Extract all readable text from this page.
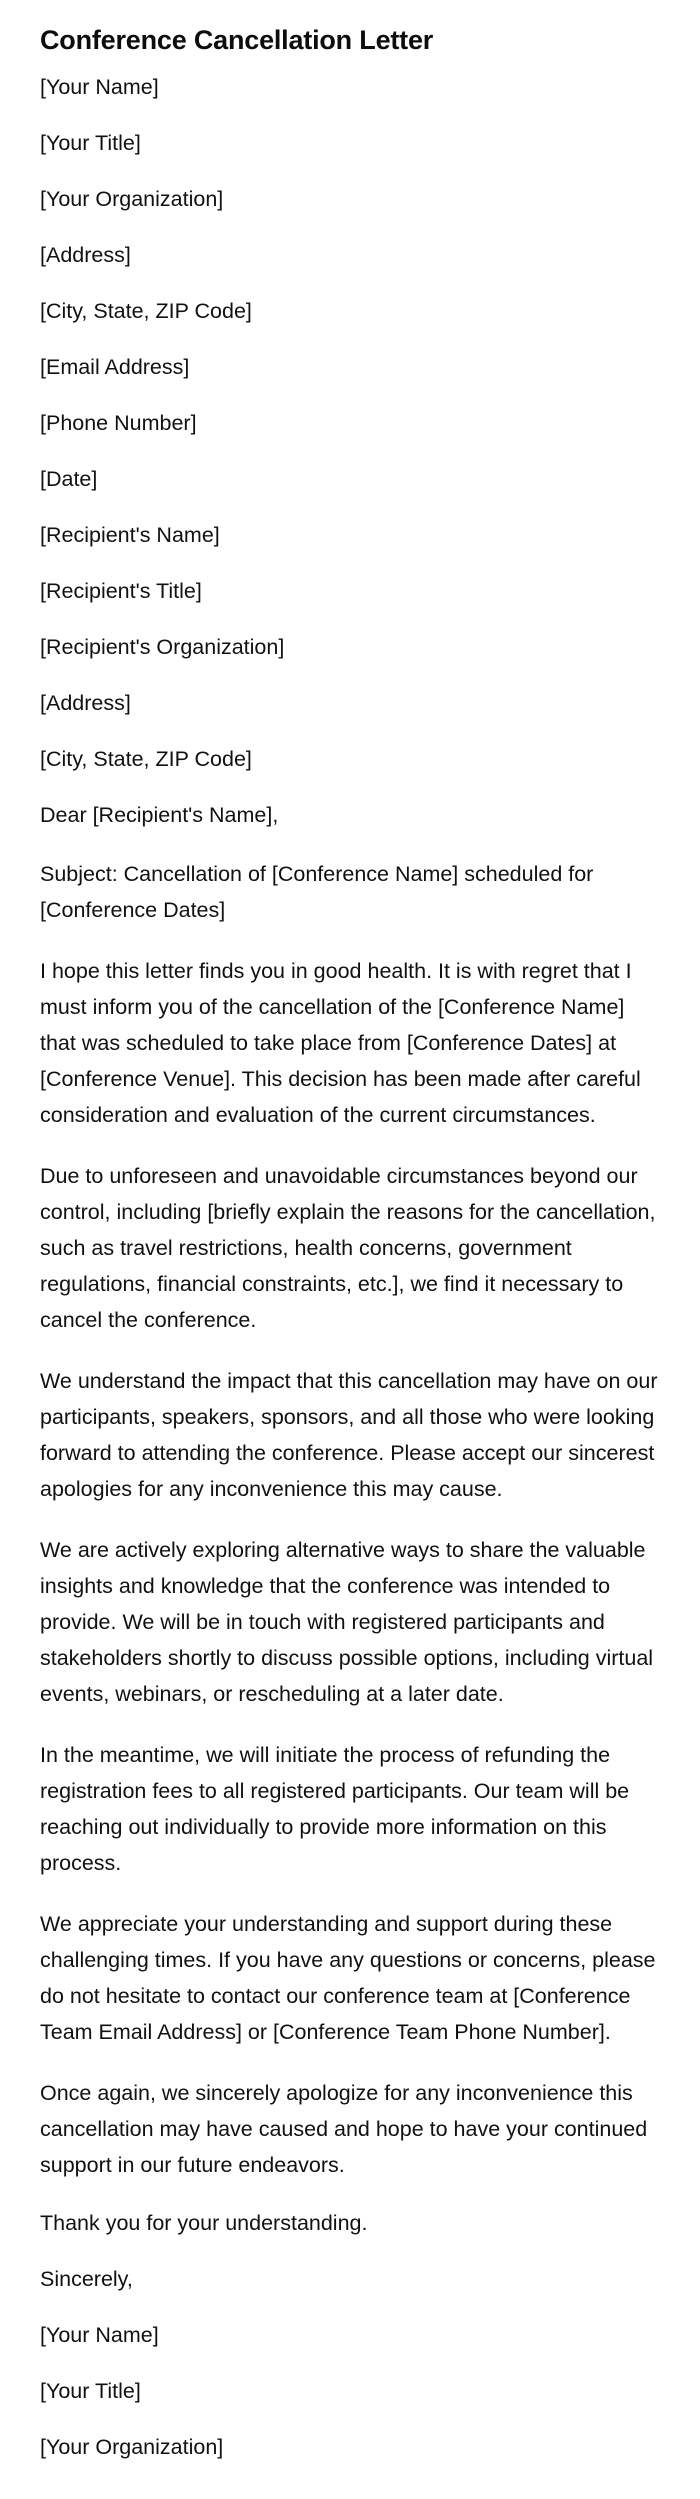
Conference Cancellation Letter

[Your Name]

[Your Title]

[Your Organization]

[Address]

[City, State, ZIP Code]

[Email Address]

[Phone Number]

[Date]

[Recipient's Name]

[Recipient's Title]

[Recipient's Organization]

[Address]

[City, State, ZIP Code]

Dear [Recipient's Name],

Subject: Cancellation of [Conference Name] scheduled for [Conference Dates]

I hope this letter finds you in good health. It is with regret that I must inform you of the cancellation of the [Conference Name] that was scheduled to take place from [Conference Dates] at [Conference Venue]. This decision has been made after careful consideration and evaluation of the current circumstances.

Due to unforeseen and unavoidable circumstances beyond our control, including [briefly explain the reasons for the cancellation, such as travel restrictions, health concerns, government regulations, financial constraints, etc.], we find it necessary to cancel the conference.

We understand the impact that this cancellation may have on our participants, speakers, sponsors, and all those who were looking forward to attending the conference. Please accept our sincerest apologies for any inconvenience this may cause.

We are actively exploring alternative ways to share the valuable insights and knowledge that the conference was intended to provide. We will be in touch with registered participants and stakeholders shortly to discuss possible options, including virtual events, webinars, or rescheduling at a later date.

In the meantime, we will initiate the process of refunding the registration fees to all registered participants. Our team will be reaching out individually to provide more information on this process.

We appreciate your understanding and support during these challenging times. If you have any questions or concerns, please do not hesitate to contact our conference team at [Conference Team Email Address] or [Conference Team Phone Number].

Once again, we sincerely apologize for any inconvenience this cancellation may have caused and hope to have your continued support in our future endeavors.

Thank you for your understanding.

Sincerely,

[Your Name]

[Your Title]

[Your Organization]
